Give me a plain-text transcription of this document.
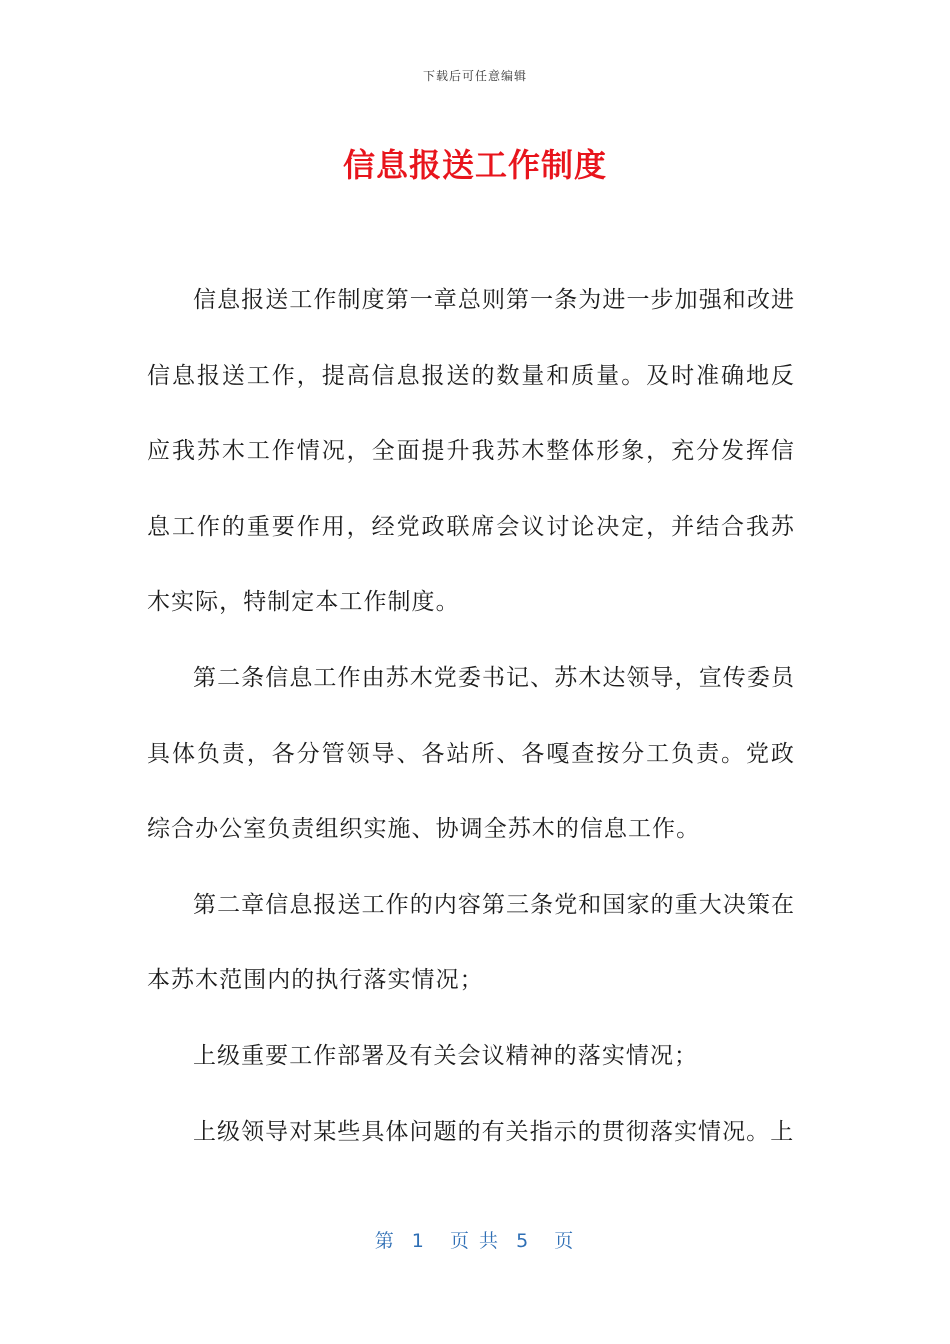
下载后可任意编辑
信息报送工作制度

信息报送工作制度第一章总则第一条为进一步加强和改进信息报送工作，提高信息报送的数量和质量。及时准确地反应我苏木工作情况，全面提升我苏木整体形象，充分发挥信息工作的重要作用，经党政联席会议讨论决定，并结合我苏木实际，特制定本工作制度。

第二条信息工作由苏木党委书记、苏木达领导，宣传委员具体负责，各分管领导、各站所、各嘎查按分工负责。党政综合办公室负责组织实施、协调全苏木的信息工作。

第二章信息报送工作的内容第三条党和国家的重大决策在本苏木范围内的执行落实情况；

上级重要工作部署及有关会议精神的落实情况；

上级领导对某些具体问题的有关指示的贯彻落实情况。上

第  1   页 共  5   页
